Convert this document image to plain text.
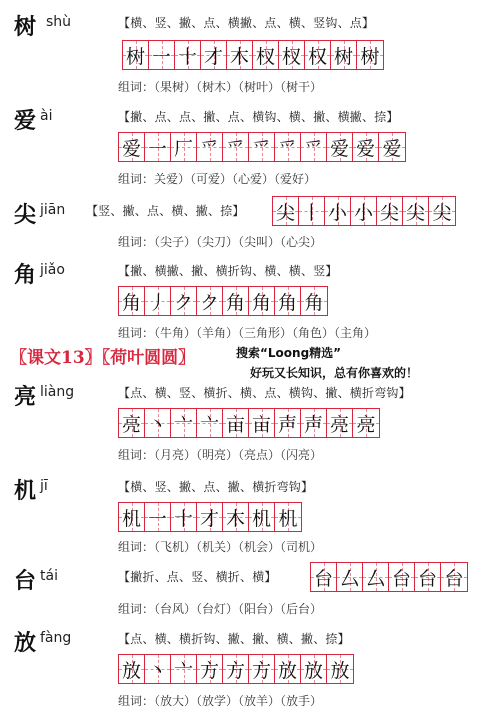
树 shù	【横、竖、撇、点、横撇、点、横、竖钩、点】
树 一 十 才 木 杈 杈 权 树 树
组词：（果树）（树木）（树叶）（树干）
爱 ài	【撇、点、点、撇、点、横钩、横、撇、横撇、捺】
爱 一 厂 爫 爫 爫 爫 爫 爱 爱 爱
组词：关爱）（可爱）（心爱）（爱好）
尖 jiān 【竖、撇、点、横、撇、捺】 尖 丨 小 小 尖 尖 尖
组词：（尖子）（尖刀）（尖叫）（心尖）
角 jiǎo	【撇、横撇、撇、横折钩、横、横、竖】
角 丿 ク ク 角 角 角 角
组词：（牛角）（羊角）（三角形）（角色）（主角）
〖课文13〗〖荷叶圆圆〗	搜索“Loong精选”
好玩又长知识，总有你喜欢的！
亮 liàng	【点、横、竖、横折、横、点、横钩、撇、横折弯钩】
亮 丶 亠 亠 亩 亩 声 声 亮 亮
组词：（月亮）（明亮）（亮点）（闪亮）
机 jī	【横、竖、撇、点、撇、横折弯钩】
机 一 十 才 木 机 机
组词：（飞机）（机关）（机会）（司机）
台 tái	【撇折、点、竖、横折、横】 台 厶 厶 台 台 台
组词：（台风）（台灯）（阳台）（后台）
放 fàng	【点、横、横折钩、撇、撇、横、撇、捺】
放 丶 亠 方 方 方 放 放 放
组词：（放大）（放学）（放羊）（放手）
